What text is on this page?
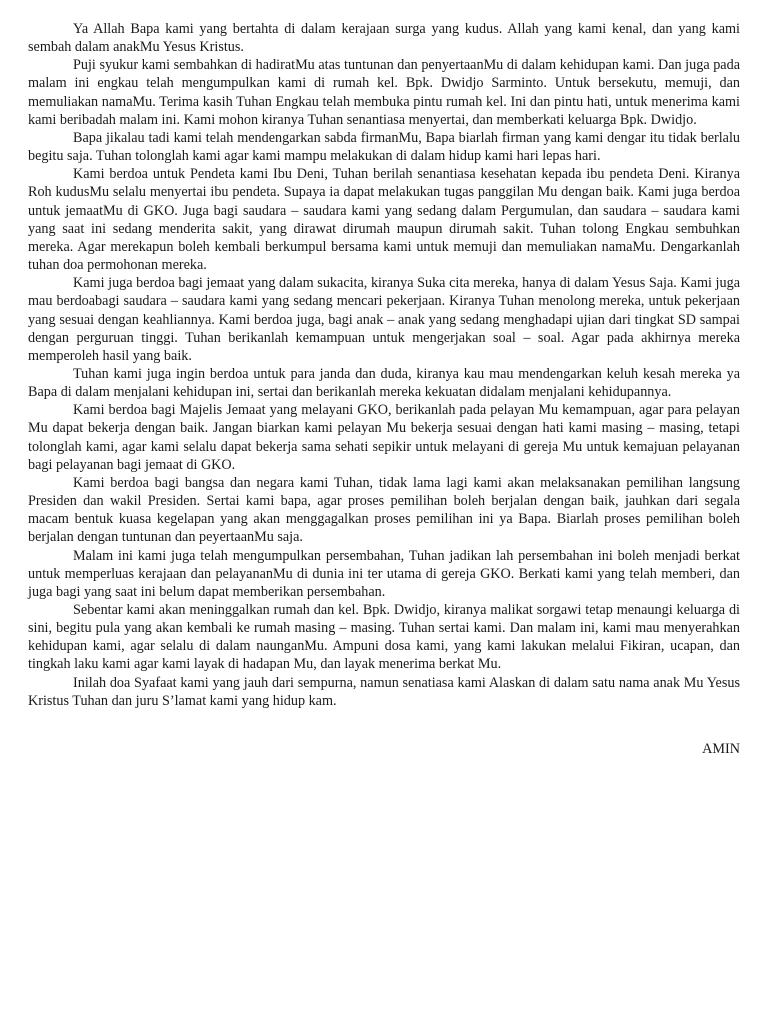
Ya Allah Bapa kami yang bertahta di dalam kerajaan surga yang kudus. Allah yang kami kenal, dan yang kami sembah dalam anakMu Yesus Kristus.

Puji syukur kami sembahkan di hadiratMu atas tuntunan dan penyertaanMu di dalam kehidupan kami. Dan juga pada malam ini engkau telah mengumpulkan kami di rumah kel. Bpk. Dwidjo Sarminto. Untuk bersekutu, memuji, dan memuliakan namaMu. Terima kasih Tuhan Engkau telah membuka pintu rumah kel. Ini dan pintu hati, untuk menerima kami kami beribadah malam ini. Kami mohon kiranya Tuhan senantiasa menyertai, dan memberkati keluarga Bpk. Dwidjo.

Bapa jikalau tadi kami telah mendengarkan sabda firmanMu, Bapa biarlah firman yang kami dengar itu tidak berlalu begitu saja. Tuhan tolonglah kami agar kami mampu melakukan di dalam hidup kami hari lepas hari.

Kami berdoa untuk Pendeta kami Ibu Deni, Tuhan berilah senantiasa kesehatan kepada ibu pendeta Deni. Kiranya Roh kudusMu selalu menyertai ibu pendeta. Supaya ia dapat melakukan tugas panggilan Mu dengan baik. Kami juga berdoa untuk jemaatMu di GKO. Juga bagi saudara – saudara kami yang sedang dalam Pergumulan, dan saudara – saudara kami yang saat ini sedang menderita sakit, yang dirawat dirumah maupun dirumah sakit. Tuhan tolong Engkau sembuhkan mereka. Agar merekapun boleh kembali berkumpul bersama kami untuk memuji dan memuliakan namaMu. Dengarkanlah tuhan doa permohonan mereka.

Kami juga berdoa bagi jemaat yang dalam sukacita, kiranya Suka cita mereka, hanya di dalam Yesus Saja. Kami juga mau berdoabagi saudara – saudara kami yang sedang mencari pekerjaan. Kiranya Tuhan menolong mereka, untuk pekerjaan yang sesuai dengan keahliannya. Kami berdoa juga, bagi anak – anak yang sedang menghadapi ujian dari tingkat SD sampai dengan perguruan tinggi. Tuhan berikanlah kemampuan untuk mengerjakan soal – soal. Agar pada akhirnya mereka memperoleh hasil yang baik.

Tuhan kami juga ingin berdoa untuk para janda dan duda, kiranya kau mau mendengarkan keluh kesah mereka ya Bapa di dalam menjalani kehidupan ini, sertai dan berikanlah mereka kekuatan didalam menjalani kehidupannya.

Kami berdoa bagi Majelis Jemaat yang melayani GKO, berikanlah pada pelayan Mu kemampuan, agar para pelayan Mu dapat bekerja dengan baik. Jangan biarkan kami pelayan Mu bekerja sesuai dengan hati kami masing – masing, tetapi tolonglah kami, agar kami selalu dapat bekerja sama sehati sepikir untuk melayani di gereja Mu untuk kemajuan pelayanan bagi pelayanan bagi jemaat di GKO.

Kami berdoa bagi bangsa dan negara kami Tuhan, tidak lama lagi kami akan melaksanakan pemilihan langsung Presiden dan wakil Presiden. Sertai kami bapa, agar proses pemilihan boleh berjalan dengan baik, jauhkan dari segala macam bentuk kuasa kegelapan yang akan menggagalkan proses pemilihan ini ya Bapa. Biarlah proses pemilihan boleh berjalan dengan tuntunan dan peyertaanMu saja.

Malam ini kami juga telah mengumpulkan persembahan, Tuhan jadikan lah persembahan ini boleh menjadi berkat untuk memperluas kerajaan dan pelayananMu di dunia ini ter utama di gereja GKO. Berkati kami yang telah memberi, dan juga bagi yang saat ini belum dapat memberikan persembahan.

Sebentar kami akan meninggalkan rumah dan kel. Bpk. Dwidjo, kiranya malikat sorgawi tetap menaungi keluarga di sini, begitu pula yang akan kembali ke rumah masing – masing. Tuhan sertai kami. Dan malam ini, kami mau menyerahkan kehidupan kami, agar selalu di dalam naunganMu. Ampuni dosa kami, yang kami lakukan melalui Fikiran, ucapan, dan tingkah laku kami agar kami layak di hadapan Mu, dan layak menerima berkat Mu.

Inilah doa Syafaat kami yang jauh dari sempurna, namun senatiasa kami Alaskan di dalam satu nama anak Mu Yesus Kristus Tuhan dan juru S’lamat kami yang hidup kam.

AMIN
